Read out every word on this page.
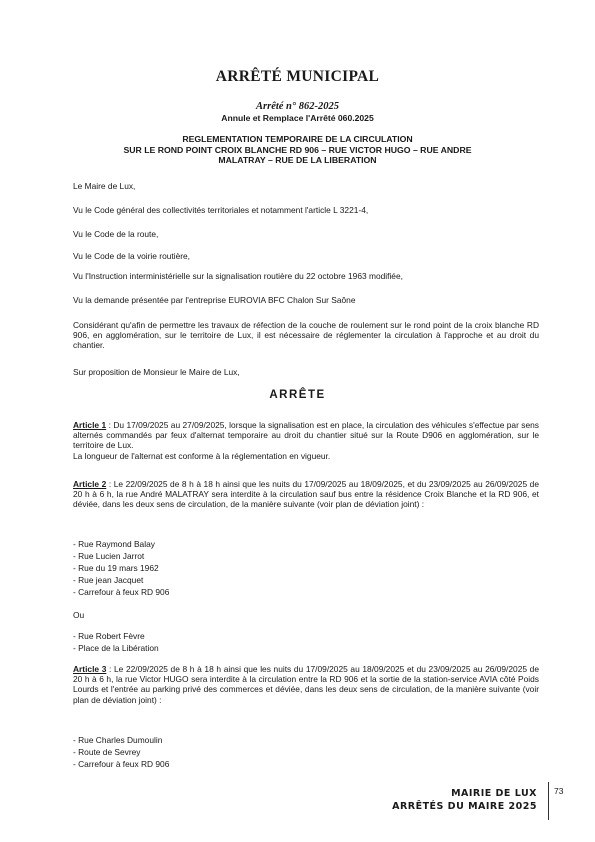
ARRÊTÉ MUNICIPAL
Arrêté n° 862-2025
Annule et Remplace l'Arrêté 060.2025
REGLEMENTATION TEMPORAIRE DE LA CIRCULATION
SUR LE ROND POINT CROIX BLANCHE RD 906 – RUE VICTOR HUGO – RUE ANDRE
MALATRAY – RUE DE LA LIBERATION
Le Maire de Lux,
Vu le Code général des collectivités territoriales et notamment l'article L 3221-4,
Vu le Code de la route,
Vu le Code de la voirie routière,
Vu l'Instruction interministérielle sur la signalisation routière du 22 octobre 1963 modifiée,
Vu la demande présentée par l'entreprise EUROVIA BFC Chalon Sur Saône
Considérant qu'afin de permettre les travaux de réfection de la couche de roulement sur le rond point de la croix blanche RD 906, en agglomération, sur le territoire de Lux, il est nécessaire de réglementer la circulation à l'approche et au droit du chantier.
Sur proposition de Monsieur le Maire de Lux,
ARRÊTE
Article 1 : Du 17/09/2025 au 27/09/2025, lorsque la signalisation est en place, la circulation des véhicules s'effectue par sens alternés commandés par feux d'alternat temporaire au droit du chantier situé sur la Route D906 en agglomération, sur le territoire de Lux.
La longueur de l'alternat est conforme à la réglementation en vigueur.
Article 2 : Le 22/09/2025 de 8 h à 18 h ainsi que les nuits du 17/09/2025 au 18/09/2025, et du 23/09/2025 au 26/09/2025 de 20 h à 6 h, la rue André MALATRAY sera interdite à la circulation sauf bus entre la résidence Croix Blanche et la RD 906, et déviée, dans les deux sens de circulation, de la manière suivante (voir plan de déviation joint) :
- Rue Raymond Balay
- Rue Lucien Jarrot
- Rue du 19 mars 1962
- Rue jean Jacquet
- Carrefour à feux RD 906
Ou
- Rue Robert Fèvre
- Place de la Libération
Article 3 : Le 22/09/2025 de 8 h à 18 h ainsi que les nuits du 17/09/2025 au 18/09/2025 et du 23/09/2025 au 26/09/2025 de 20 h à 6 h, la rue Victor HUGO sera interdite à la circulation entre la RD 906 et la sortie de la station-service AVIA côté Poids Lourds et l'entrée au parking privé des commerces et déviée, dans les deux sens de circulation, de la manière suivante (voir plan de déviation joint) :
- Rue Charles Dumoulin
- Route de Sevrey
- Carrefour à feux RD 906
MAIRIE DE LUX
ARRÊTÉS DU MAIRE 2025
73
